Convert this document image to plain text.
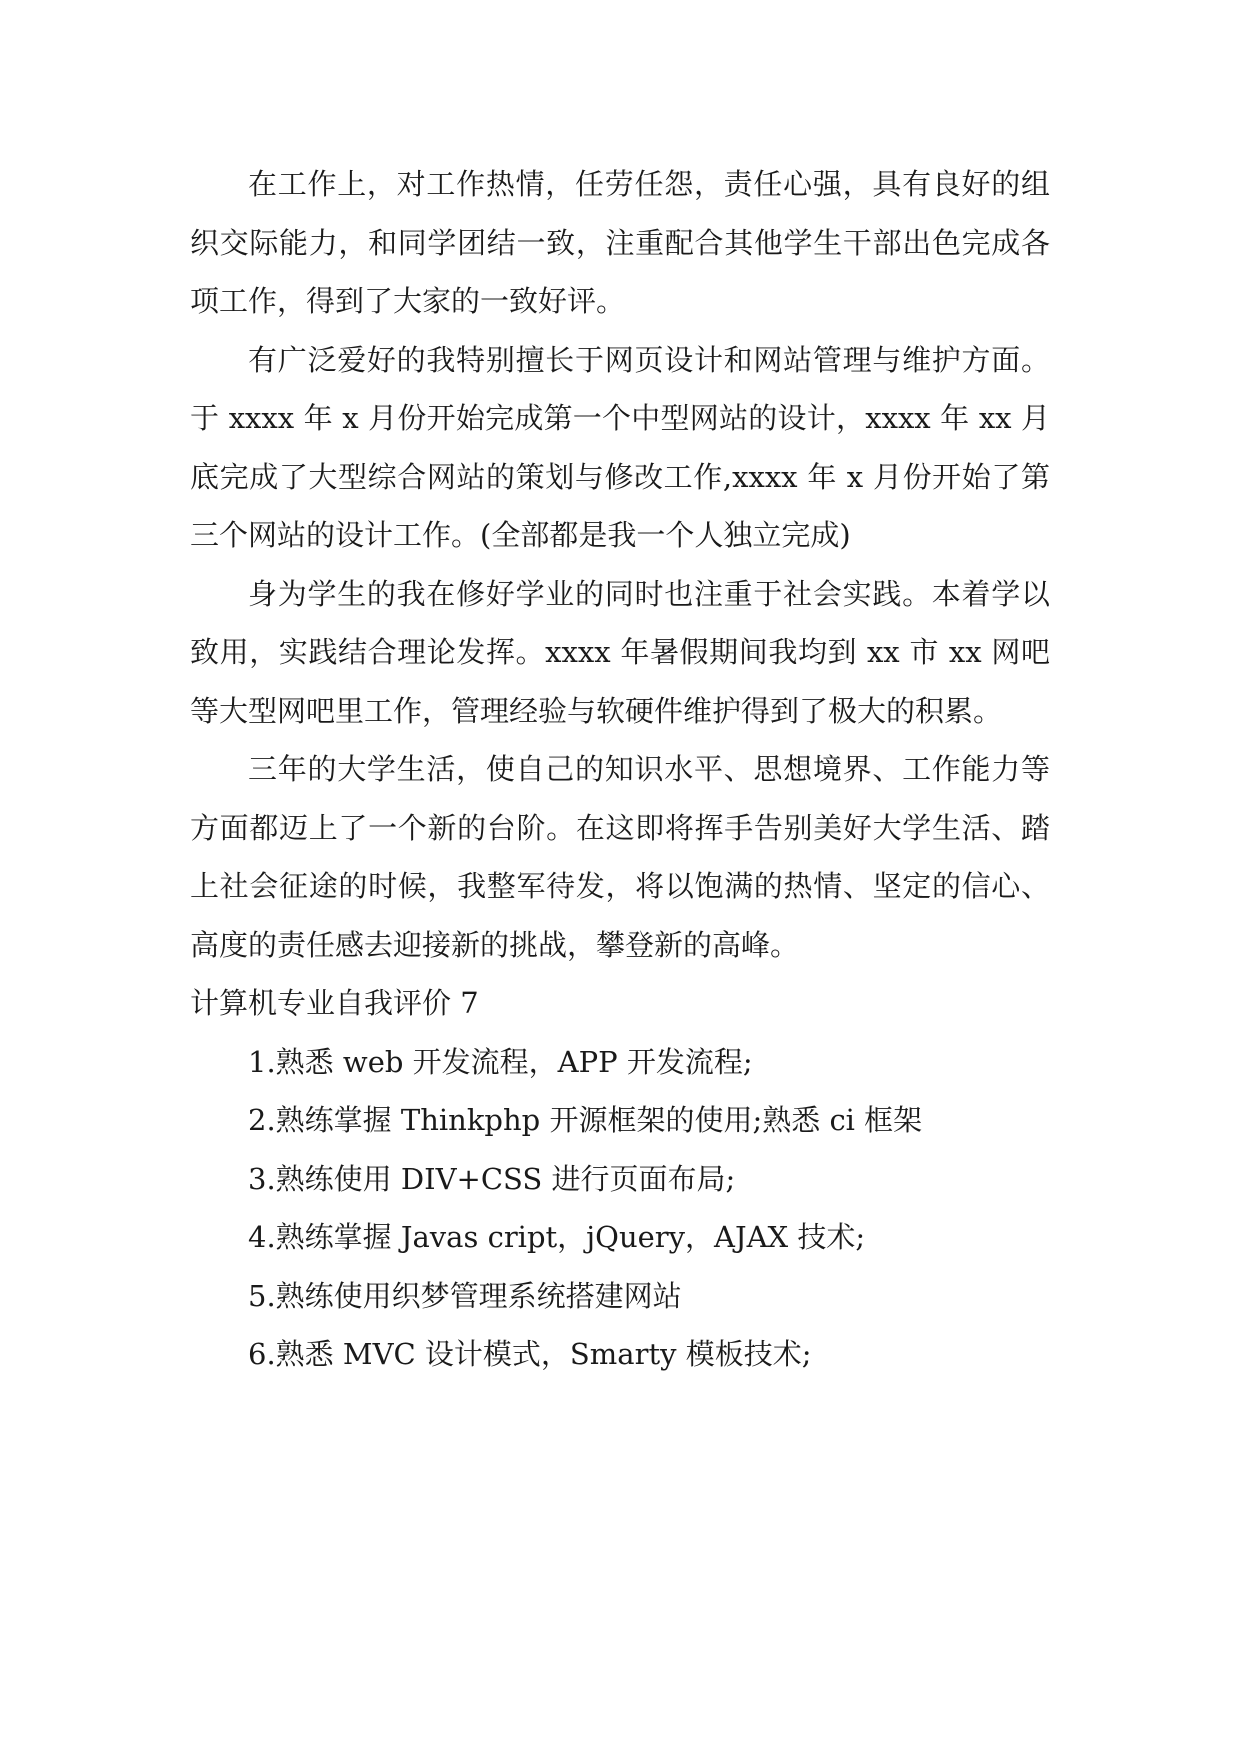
在工作上，对工作热情，任劳任怨，责任心强，具有良好的组织交际能力，和同学团结一致，注重配合其他学生干部出色完成各项工作，得到了大家的一致好评。

有广泛爱好的我特别擅长于网页设计和网站管理与维护方面。于 xxxx 年 x 月份开始完成第一个中型网站的设计，xxxx 年 xx 月底完成了大型综合网站的策划与修改工作,xxxx 年 x 月份开始了第三个网站的设计工作。(全部都是我一个人独立完成)

身为学生的我在修好学业的同时也注重于社会实践。本着学以致用，实践结合理论发挥。xxxx 年暑假期间我均到 xx 市 xx 网吧等大型网吧里工作，管理经验与软硬件维护得到了极大的积累。

三年的大学生活，使自己的知识水平、思想境界、工作能力等方面都迈上了一个新的台阶。在这即将挥手告别美好大学生活、踏上社会征途的时候，我整军待发，将以饱满的热情、坚定的信心、高度的责任感去迎接新的挑战，攀登新的高峰。

计算机专业自我评价 7

1.熟悉 web 开发流程，APP 开发流程;
2.熟练掌握 Thinkphp 开源框架的使用;熟悉 ci 框架
3.熟练使用 DIV+CSS 进行页面布局;
4.熟练掌握 Javas cript，jQuery，AJAX 技术;
5.熟练使用织梦管理系统搭建网站
6.熟悉 MVC 设计模式，Smarty 模板技术;
